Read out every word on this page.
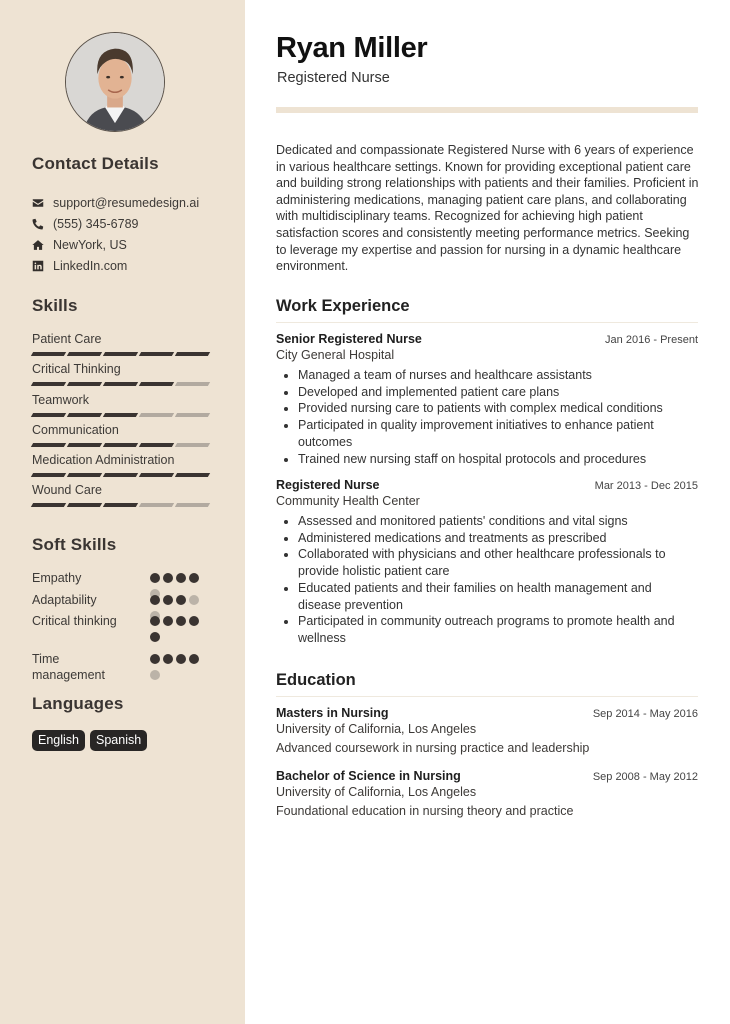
Contact Details
support@resumedesign.ai
(555) 345-6789
NewYork, US
LinkedIn.com
Skills
Patient Care
Critical Thinking
Teamwork
Communication
Medication Administration
Wound Care
Soft Skills
Empathy
Adaptability
Critical thinking
Time management
Languages
English	Spanish
Ryan Miller
Registered Nurse

Dedicated and compassionate Registered Nurse with 6 years of experience in various healthcare settings. Known for providing exceptional patient care and building strong relationships with patients and their families. Proficient in administering medications, managing patient care plans, and collaborating with multidisciplinary teams. Recognized for achieving high patient satisfaction scores and consistently meeting performance metrics. Seeking to leverage my expertise and passion for nursing in a dynamic healthcare environment.

Work Experience
Senior Registered Nurse	Jan 2016 - Present
City General Hospital
Managed a team of nurses and healthcare assistants
Developed and implemented patient care plans
Provided nursing care to patients with complex medical conditions
Participated in quality improvement initiatives to enhance patient outcomes
Trained new nursing staff on hospital protocols and procedures
Registered Nurse	Mar 2013 - Dec 2015
Community Health Center
Assessed and monitored patients' conditions and vital signs
Administered medications and treatments as prescribed
Collaborated with physicians and other healthcare professionals to provide holistic patient care
Educated patients and their families on health management and disease prevention
Participated in community outreach programs to promote health and wellness
Education
Masters in Nursing	Sep 2014 - May 2016
University of California, Los Angeles
Advanced coursework in nursing practice and leadership
Bachelor of Science in Nursing	Sep 2008 - May 2012
University of California, Los Angeles
Foundational education in nursing theory and practice
